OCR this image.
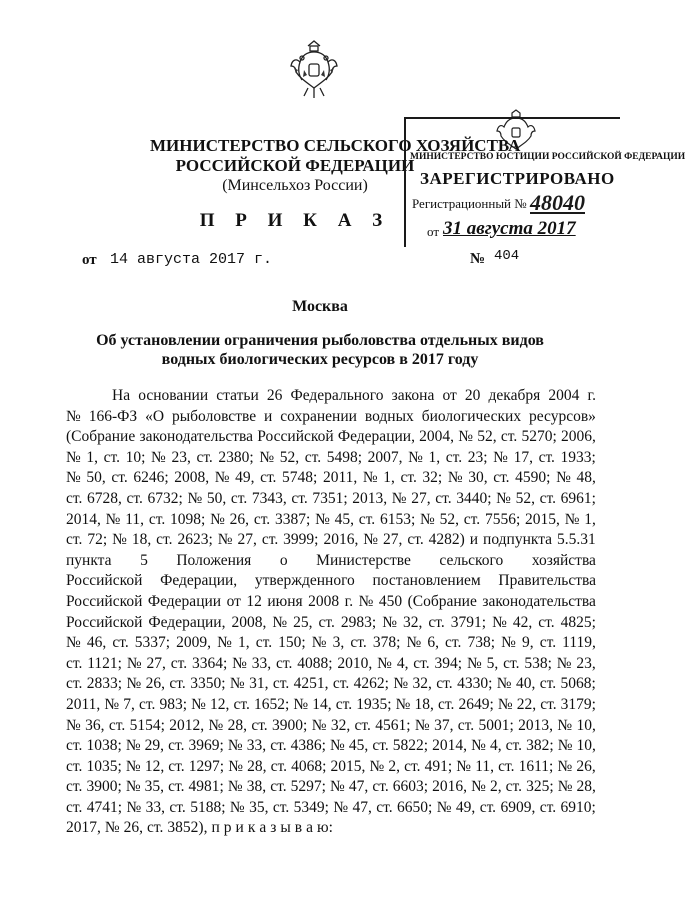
МИНИСТЕРСТВО СЕЛЬСКОГО ХОЗЯЙСТВА
РОССИЙСКОЙ ФЕДЕРАЦИИ
(Минсельхоз России)
П Р И К А З
МИНИСТЕРСТВО ЮСТИЦИИ РОССИЙСКОЙ ФЕДЕРАЦИИ
ЗАРЕГИСТРИРОВАНО
Регистрационный № 48040
от 31 августа 2017
от 14 августа 2017 г.	№ 404
Москва
Об установлении ограничения рыболовства отдельных видов
водных биологических ресурсов в 2017 году
На основании статьи 26 Федерального закона от 20 декабря 2004 г.
№ 166-ФЗ «О рыболовстве и сохранении водных биологических ресурсов»
(Собрание законодательства Российской Федерации, 2004, № 52, ст. 5270; 2006,
№ 1, ст. 10; № 23, ст. 2380; № 52, ст. 5498; 2007, № 1, ст. 23; № 17, ст. 1933;
№ 50, ст. 6246; 2008, № 49, ст. 5748; 2011, № 1, ст. 32; № 30, ст. 4590; № 48,
ст. 6728, ст. 6732; № 50, ст. 7343, ст. 7351; 2013, № 27, ст. 3440; № 52, ст. 6961;
2014, № 11, ст. 1098; № 26, ст. 3387; № 45, ст. 6153; № 52, ст. 7556; 2015, № 1,
ст. 72; № 18, ст. 2623; № 27, ст. 3999; 2016, № 27, ст. 4282) и подпункта 5.5.31
пункта 5 Положения о Министерстве сельского хозяйства
Российской Федерации, утвержденного постановлением Правительства
Российской Федерации от 12 июня 2008 г. № 450 (Собрание законодательства
Российской Федерации, 2008, № 25, ст. 2983; № 32, ст. 3791; № 42, ст. 4825;
№ 46, ст. 5337; 2009, № 1, ст. 150; № 3, ст. 378; № 6, ст. 738; № 9, ст. 1119,
ст. 1121; № 27, ст. 3364; № 33, ст. 4088; 2010, № 4, ст. 394; № 5, ст. 538; № 23,
ст. 2833; № 26, ст. 3350; № 31, ст. 4251, ст. 4262; № 32, ст. 4330; № 40, ст. 5068;
2011, № 7, ст. 983; № 12, ст. 1652; № 14, ст. 1935; № 18, ст. 2649; № 22, ст. 3179;
№ 36, ст. 5154; 2012, № 28, ст. 3900; № 32, ст. 4561; № 37, ст. 5001; 2013, № 10,
ст. 1038; № 29, ст. 3969; № 33, ст. 4386; № 45, ст. 5822; 2014, № 4, ст. 382; № 10,
ст. 1035; № 12, ст. 1297; № 28, ст. 4068; 2015, № 2, ст. 491; № 11, ст. 1611; № 26,
ст. 3900; № 35, ст. 4981; № 38, ст. 5297; № 47, ст. 6603; 2016, № 2, ст. 325; № 28,
ст. 4741; № 33, ст. 5188; № 35, ст. 5349; № 47, ст. 6650; № 49, ст. 6909, ст. 6910;
2017, № 26, ст. 3852), п р и к а з ы в а ю:
